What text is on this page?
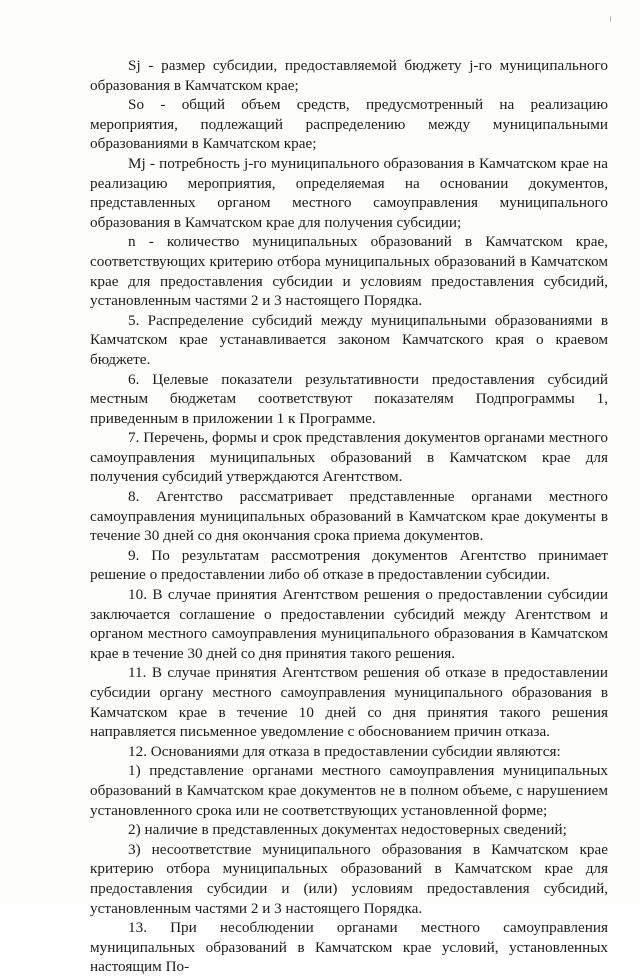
Sj - размер субсидии, предоставляемой бюджету j-го муниципального образования в Камчатском крае;

So - общий объем средств, предусмотренный на реализацию мероприятия, подлежащий распределению между муниципальными образованиями в Камчатском крае;

Mj - потребность j-го муниципального образования в Камчатском крае на реализацию мероприятия, определяемая на основании документов, представленных органом местного самоуправления муниципального образования в Камчатском крае для получения субсидии;

n - количество муниципальных образований в Камчатском крае, соответствующих критерию отбора муниципальных образований в Камчатском крае для предоставления субсидии и условиям предоставления субсидий, установленным частями 2 и 3 настоящего Порядка.

5. Распределение субсидий между муниципальными образованиями в Камчатском крае устанавливается законом Камчатского края о краевом бюджете.

6. Целевые показатели результативности предоставления субсидий местным бюджетам соответствуют показателям Подпрограммы 1, приведенным в приложении 1 к Программе.

7. Перечень, формы и срок представления документов органами местного самоуправления муниципальных образований в Камчатском крае для получения субсидий утверждаются Агентством.

8. Агентство рассматривает представленные органами местного самоуправления муниципальных образований в Камчатском крае документы в течение 30 дней со дня окончания срока приема документов.

9. По результатам рассмотрения документов Агентство принимает решение о предоставлении либо об отказе в предоставлении субсидии.

10. В случае принятия Агентством решения о предоставлении субсидии заключается соглашение о предоставлении субсидий между Агентством и органом местного самоуправления муниципального образования в Камчатском крае в течение 30 дней со дня принятия такого решения.

11. В случае принятия Агентством решения об отказе в предоставлении субсидии органу местного самоуправления муниципального образования в Камчатском крае в течение 10 дней со дня принятия такого решения направляется письменное уведомление с обоснованием причин отказа.

12. Основаниями для отказа в предоставлении субсидии являются:

1) представление органами местного самоуправления муниципальных образований в Камчатском крае документов не в полном объеме, с нарушением установленного срока или не соответствующих установленной форме;

2) наличие в представленных документах недостоверных сведений;

3) несоответствие муниципального образования в Камчатском крае критерию отбора муниципальных образований в Камчатском крае для предоставления субсидии и (или) условиям предоставления субсидий, установленным частями 2 и 3 настоящего Порядка.

13. При несоблюдении органами местного самоуправления муниципальных образований в Камчатском крае условий, установленных настоящим По-
